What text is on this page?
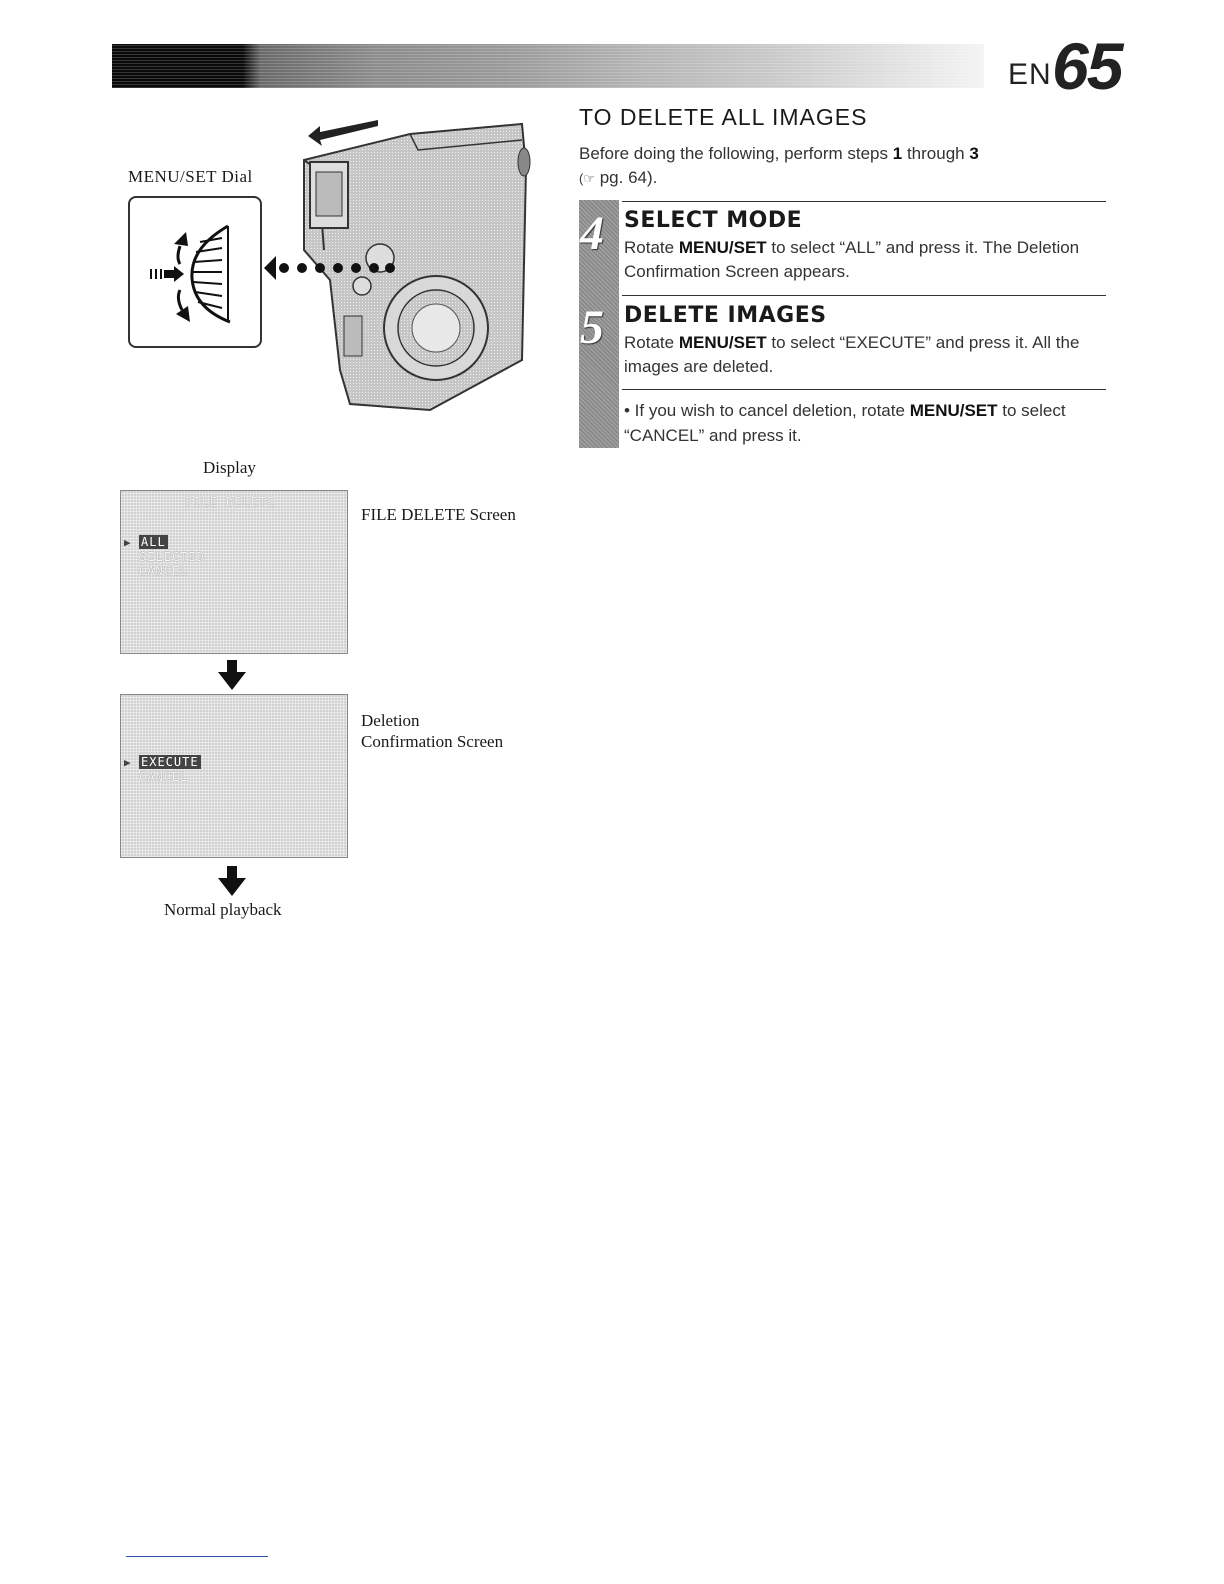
EN 65
MENU/SET Dial
Display
FILE DELETE
▶ ALL
SELECTED
CANCEL
FILE DELETE Screen
▶ EXECUTE
CANCEL
Deletion
Confirmation Screen
Normal playback
TO DELETE ALL IMAGES
Before doing the following, perform steps 1 through 3
(☞ pg. 64).
4 SELECT MODE
Rotate MENU/SET to select “ALL” and press it. The Deletion Confirmation Screen appears.
5 DELETE IMAGES
Rotate MENU/SET to select “EXECUTE” and press it. All the images are deleted.
• If you wish to cancel deletion, rotate MENU/SET to select “CANCEL” and press it.
